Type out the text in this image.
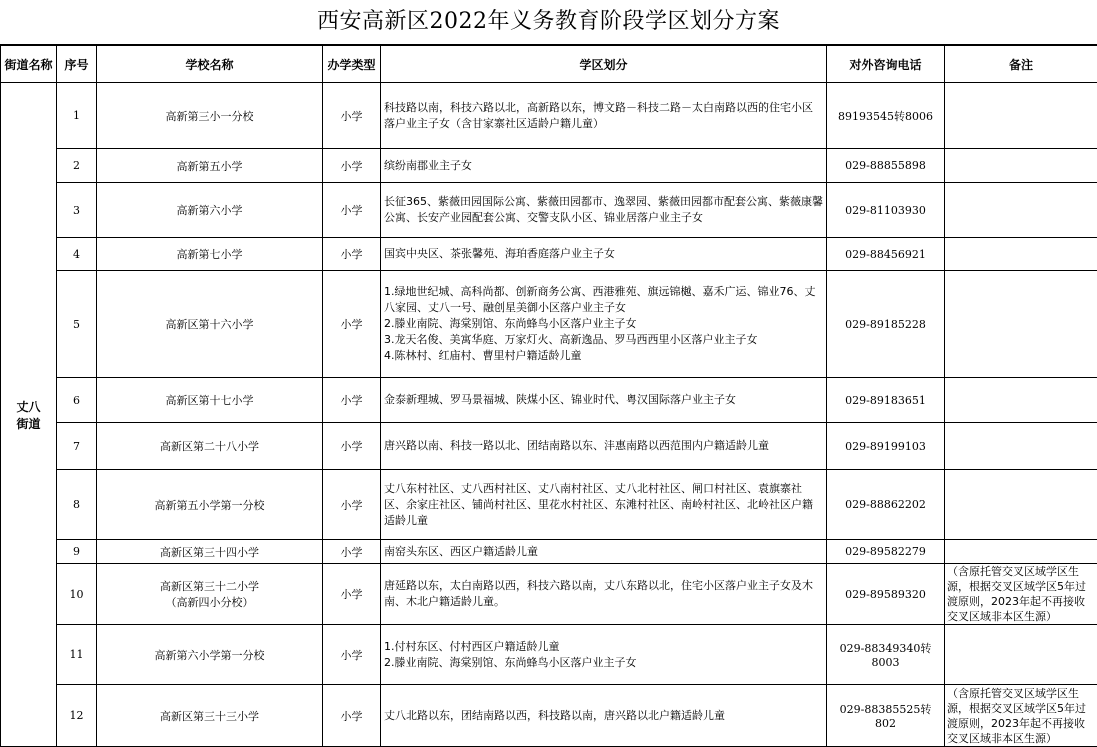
西安高新区2022年义务教育阶段学区划分方案
街道名称	序号	学校名称	办学类型	学区划分	对外咨询电话	备注
丈八
街道	1	高新第三小一分校	小学	科技路以南，科技六路以北，高新路以东，博文路－科技二路－太白南路以西的住宅小区落户业主子女（含甘家寨社区适龄户籍儿童）	89193545转8006	
	2	高新第五小学	小学	缤纷南郡业主子女	029-88855898	
	3	高新第六小学	小学	长征365、紫薇田园国际公寓、紫薇田园都市、逸翠园、紫薇田园都市配套公寓、紫薇康馨公寓、长安产业园配套公寓、交警支队小区、锦业居落户业主子女	029-81103930	
	4	高新第七小学	小学	国宾中央区、茶张馨苑、海珀香庭落户业主子女	029-88456921	
	5	高新区第十六小学	小学	1.绿地世纪城、高科尚都、创新商务公寓、西港雅苑、旗远锦樾、嘉禾广运、锦业76、丈八家园、丈八一号、融创星美御小区落户业主子女
2.滕业南院、海棠别馆、东尚蜂鸟小区落户业主子女
3.龙天名俊、美寓华庭、万家灯火、高新逸品、罗马西西里小区落户业主子女
4.陈林村、红庙村、曹里村户籍适龄儿童	029-89185228	
	6	高新区第十七小学	小学	金泰新理城、罗马景福城、陕煤小区、锦业时代、粤汉国际落户业主子女	029-89183651	
	7	高新区第二十八小学	小学	唐兴路以南、科技一路以北、团结南路以东、沣惠南路以西范围内户籍适龄儿童	029-89199103	
	8	高新第五小学第一分校	小学	丈八东村社区、丈八西村社区、丈八南村社区、丈八北村社区、闸口村社区、袁旗寨社区、余家庄社区、铺尚村社区、里花水村社区、东滩村社区、南岭村社区、北岭社区户籍适龄儿童	029-88862202	
	9	高新区第三十四小学	小学	南窑头东区、西区户籍适龄儿童	029-89582279	
	10	高新区第三十二小学
（高新四小分校）	小学	唐延路以东，太白南路以西，科技六路以南，丈八东路以北，住宅小区落户业主子女及木南、木北户籍适龄儿童。	029-89589320	（含原托管交叉区域学区生源，根据交叉区域学区5年过渡原则，2023年起不再接收交叉区域非本区生源）
	11	高新第六小学第一分校	小学	1.付村东区、付村西区户籍适龄儿童
2.滕业南院、海棠别馆、东尚蜂鸟小区落户业主子女	029-88349340转8003	
	12	高新区第三十三小学	小学	丈八北路以东，团结南路以西，科技路以南，唐兴路以北户籍适龄儿童	029-88385525转802	（含原托管交叉区域学区生源，根据交叉区域学区5年过渡原则，2023年起不再接收交叉区域非本区生源）
